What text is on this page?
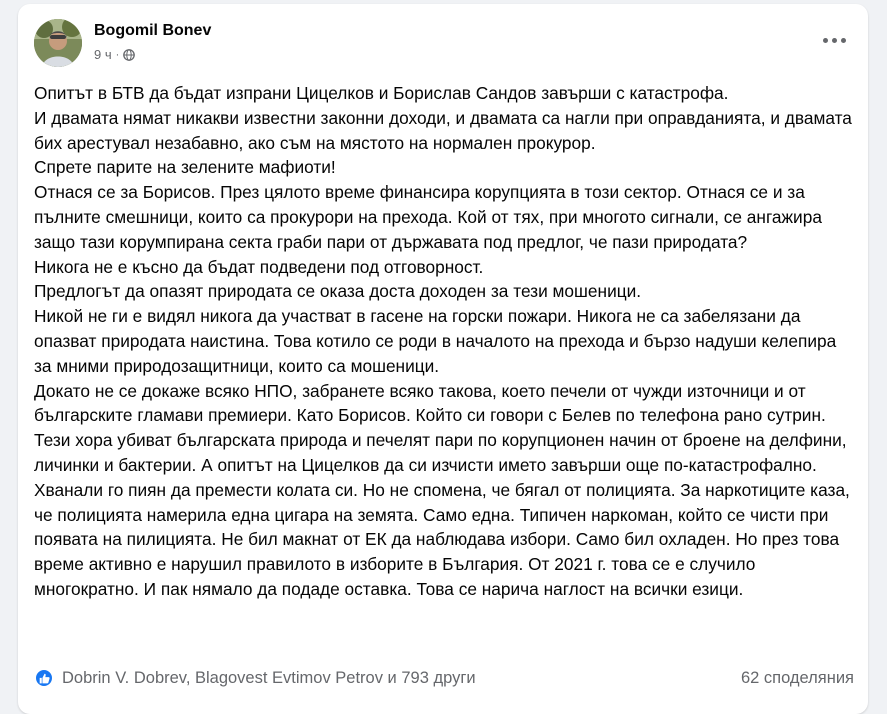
Bogomil Bonev
9 ч ·

Опитът в БТВ да бъдат изпрани Цицелков и Борислав Сандов завърши с катастрофа.

И двамата нямат никакви известни законни доходи, и двамата са нагли при оправданията, и двамата бих арестувал незабавно, ако съм на мястото на нормален прокурор.

Спрете парите на зелените мафиоти!

Отнася се за Борисов. През цялото време финансира корупцията в този сектор. Отнася се и за пълните смешници, които са прокурори на прехода. Кой от тях, при многото сигнали, се ангажира защо тази корумпирана секта граби пари от държавата под предлог, че пази природата?

Никога не е късно да бъдат подведени под отговорност.

Предлогът да опазят природата се оказа доста доходен за тези мошеници.

Никой не ги е видял никога да участват в гасене на горски пожари. Никога не са забелязани да опазват природата наистина. Това котило се роди в началото на прехода и бързо надуши келепира за мними природозащитници, които са мошеници.

Докато не се докаже всяко НПО, забранете всяко такова, което печели от чужди източници и от българските гламави премиери. Като Борисов. Който си говори с Белев по телефона рано сутрин. Тези хора убиват българската природа и печелят пари по корупционен начин от броене на делфини, личинки и бактерии. А опитът на Цицелков да си изчисти името завърши още по-катастрофално. Хванали го пиян да премести колата си. Но не спомена, че бягал от полицията. За наркотиците каза, че полицията намерила една цигара на земята. Само една. Типичен наркоман, който се чисти при появата на пилицията. Не бил макнат от ЕК да наблюдава избори. Само бил охладен. Но през това време активно е нарушил правилото в изборите в България. От 2021 г. това се е случило многократно. И пак нямало да подаде оставка. Това се нарича наглост на всички езици.

Dobrin V. Dobrev, Blagovest Evtimov Petrov и 793 други	62 споделяния
